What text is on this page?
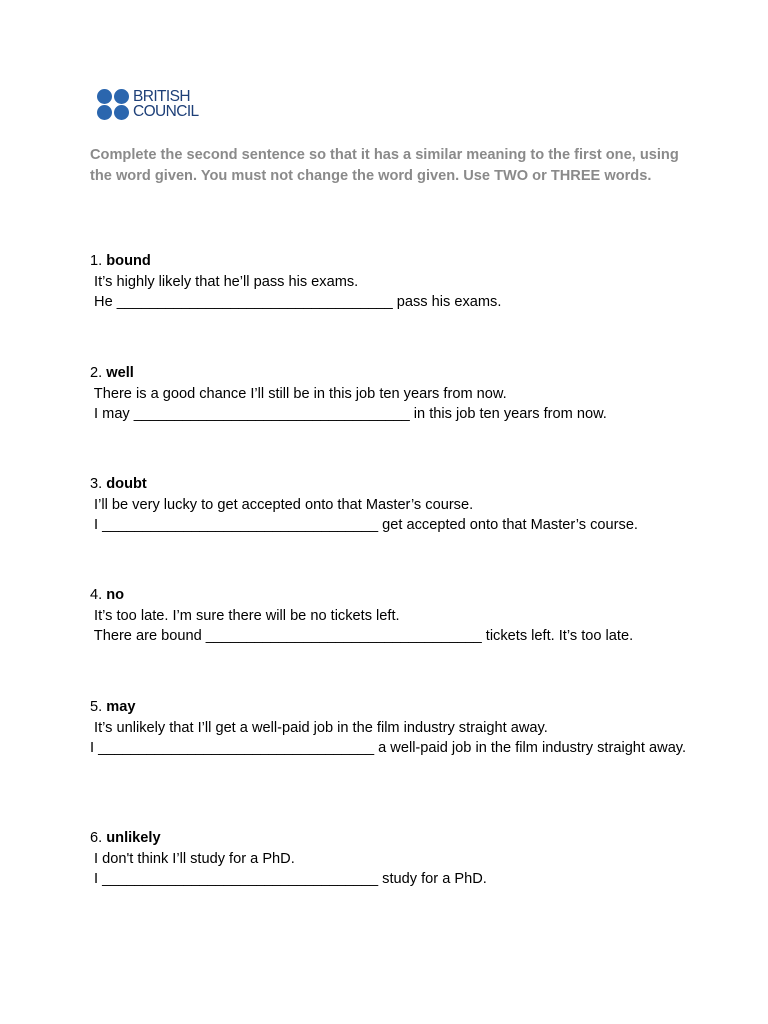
BRITISH
COUNCIL
Complete the second sentence so that it has a similar meaning to the first one, using the word given. You must not change the word given. Use TWO or THREE words.
1. bound
It’s highly likely that he’ll pass his exams.
He __________________________________ pass his exams.
2. well
There is a good chance I’ll still be in this job ten years from now.
I may __________________________________ in this job ten years from now.
3. doubt
I’ll be very lucky to get accepted onto that Master’s course.
I __________________________________ get accepted onto that Master’s course.
4. no
It’s too late. I’m sure there will be no tickets left.
There are bound __________________________________ tickets left. It’s too late.
5. may
It’s unlikely that I’ll get a well-paid job in the film industry straight away.
I __________________________________ a well-paid job in the film industry straight away.
6. unlikely
I don't think I’ll study for a PhD.
I __________________________________ study for a PhD.
